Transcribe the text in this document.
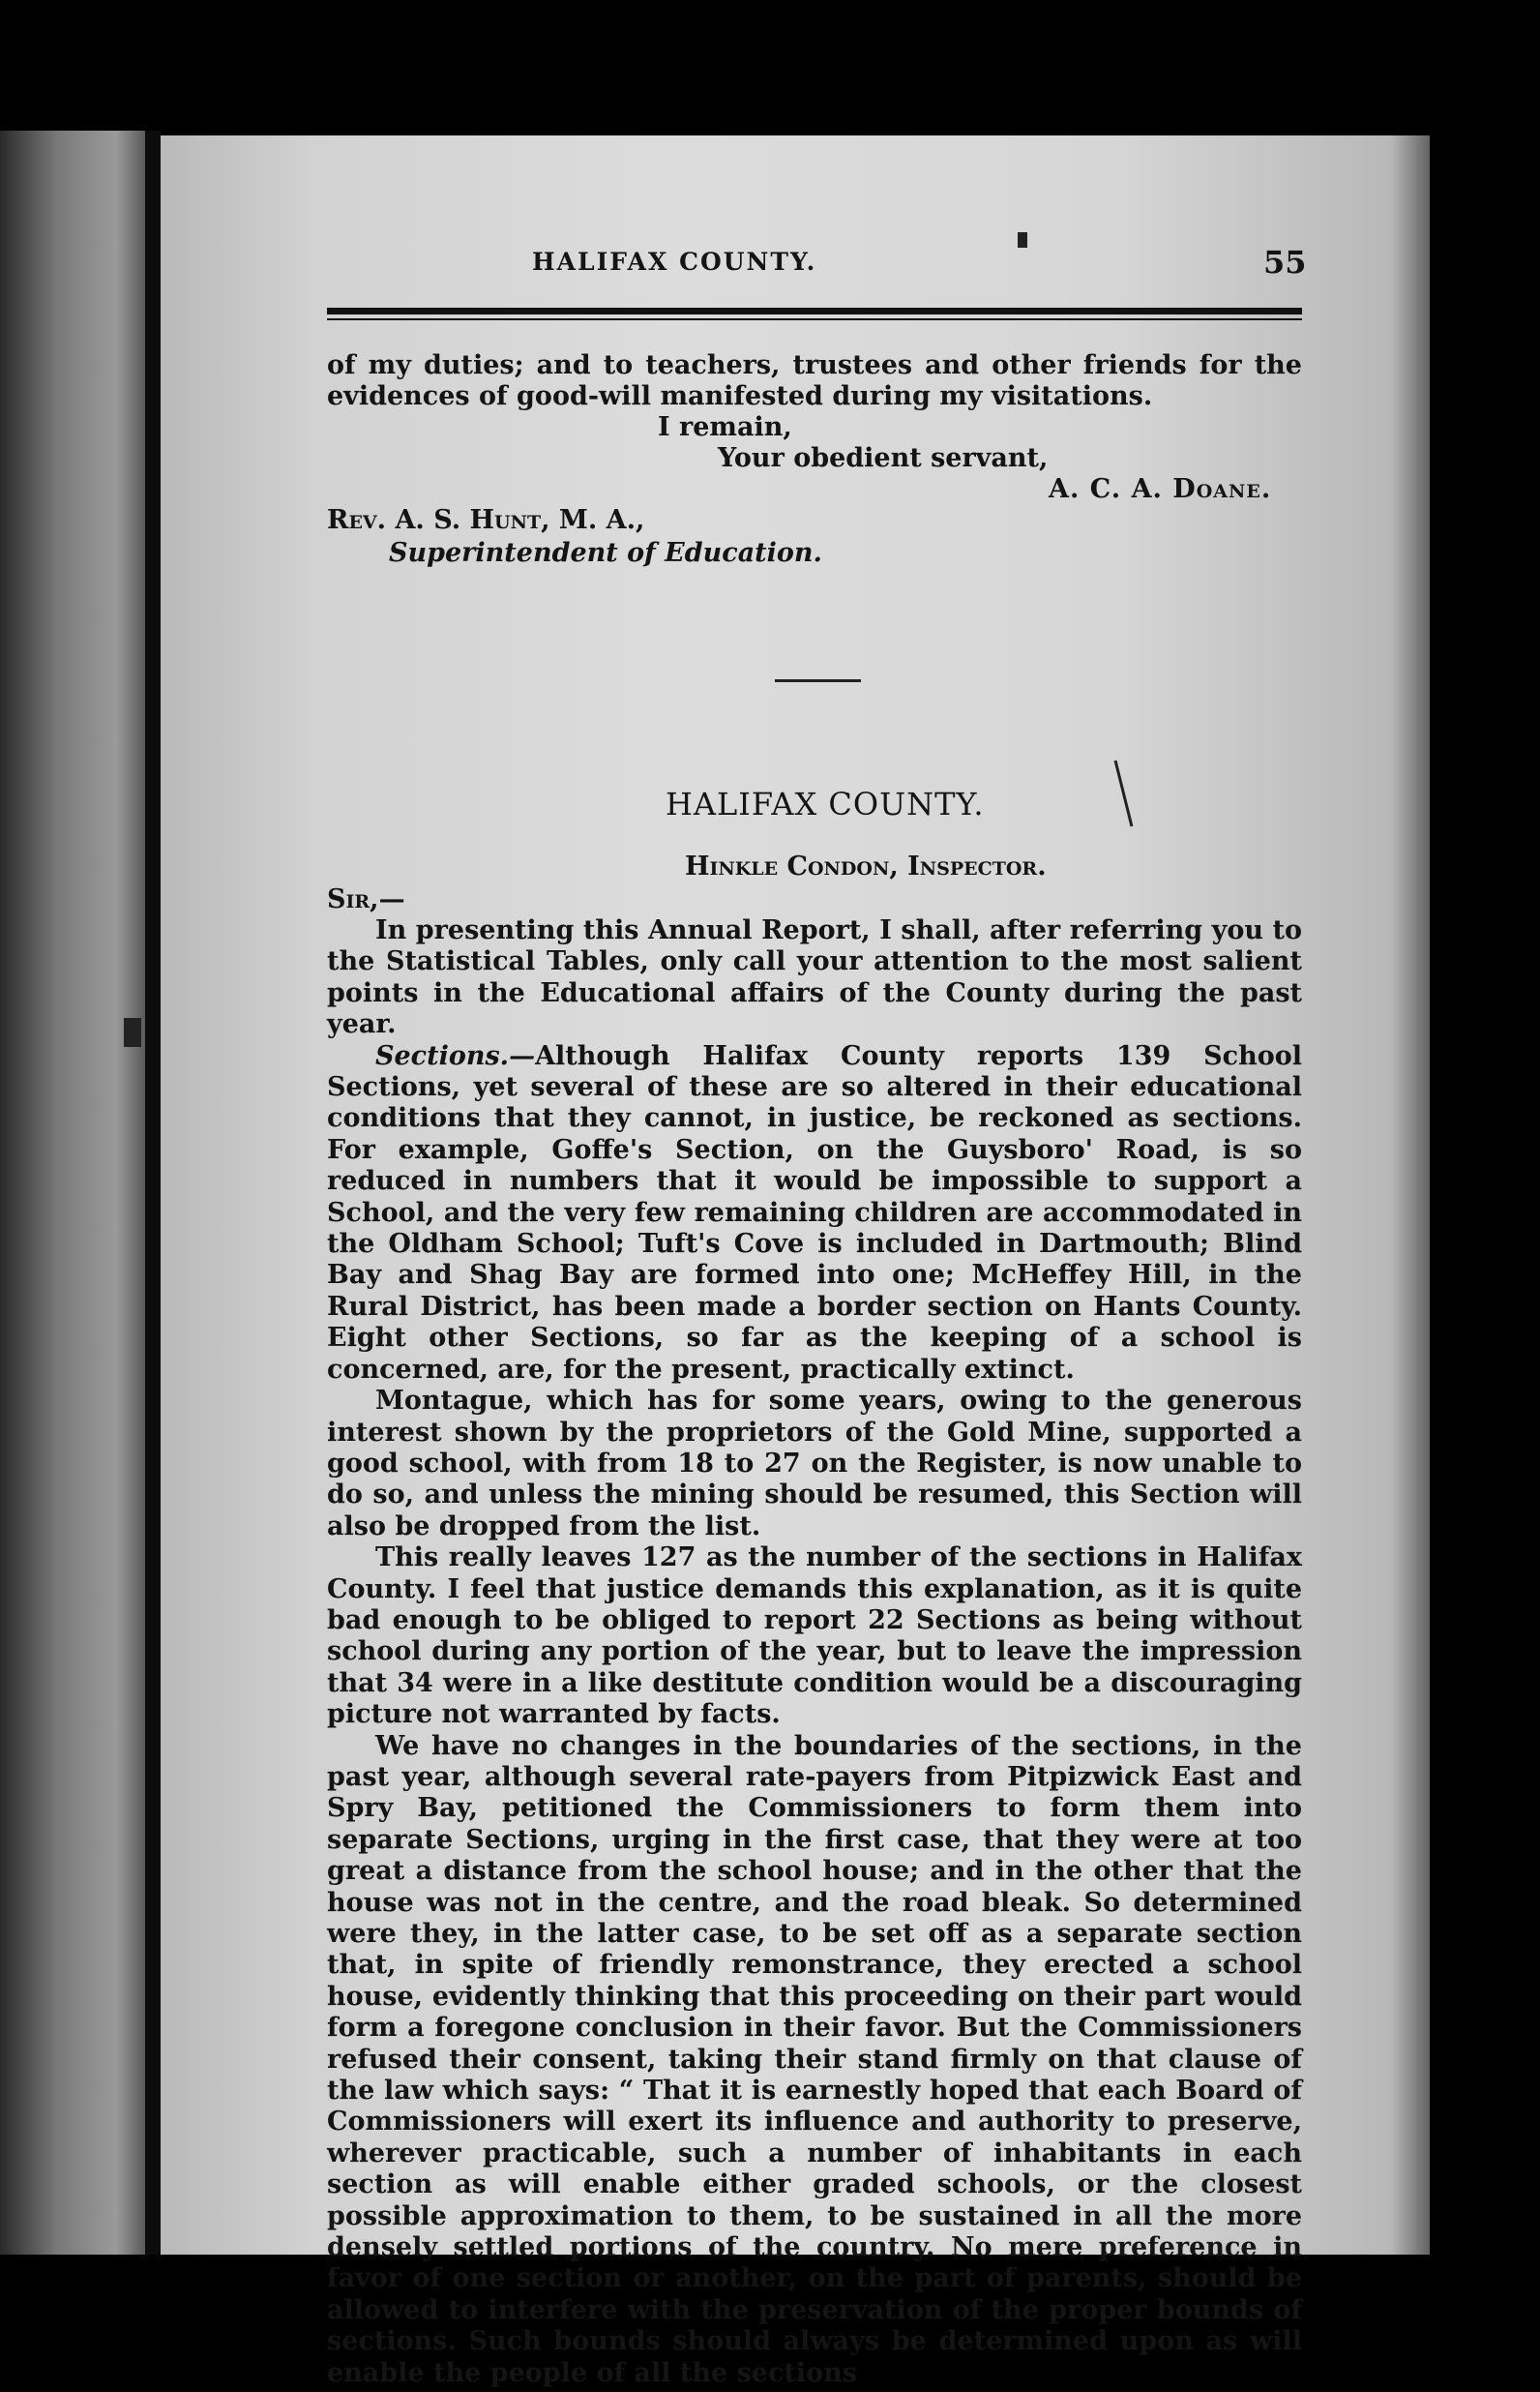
HALIFAX COUNTY.	55
of my duties; and to teachers, trustees and other friends for the evidences of good-will manifested during my visitations.
I remain,
Your obedient servant,
A. C. A. Doane.
Rev. A. S. Hunt, M. A.,
Superintendent of Education.
HALIFAX COUNTY.
Hinkle Condon, Inspector.
Sir,—

In presenting this Annual Report, I shall, after referring you to the Statistical Tables, only call your attention to the most salient points in the Educational affairs of the County during the past year.

Sections.—Although Halifax County reports 139 School Sections, yet several of these are so altered in their educational conditions that they cannot, in justice, be reckoned as sections. For example, Goffe's Section, on the Guysboro' Road, is so reduced in numbers that it would be impossible to support a School, and the very few remaining children are accommodated in the Oldham School; Tuft's Cove is included in Dartmouth; Blind Bay and Shag Bay are formed into one; McHeffey Hill, in the Rural District, has been made a border section on Hants County. Eight other Sections, so far as the keeping of a school is concerned, are, for the present, practically extinct.

Montague, which has for some years, owing to the generous interest shown by the proprietors of the Gold Mine, supported a good school, with from 18 to 27 on the Register, is now unable to do so, and unless the mining should be resumed, this Section will also be dropped from the list.

This really leaves 127 as the number of the sections in Halifax County. I feel that justice demands this explanation, as it is quite bad enough to be obliged to report 22 Sections as being without school during any portion of the year, but to leave the impression that 34 were in a like destitute condition would be a discouraging picture not warranted by facts.

We have no changes in the boundaries of the sections, in the past year, although several rate-payers from Pitpizwick East and Spry Bay, petitioned the Commissioners to form them into separate Sections, urging in the first case, that they were at too great a distance from the school house; and in the other that the house was not in the centre, and the road bleak. So determined were they, in the latter case, to be set off as a separate section that, in spite of friendly remonstrance, they erected a school house, evidently thinking that this proceeding on their part would form a foregone conclusion in their favor. But the Commissioners refused their consent, taking their stand firmly on that clause of the law which says: “ That it is earnestly hoped that each Board of Commissioners will exert its influence and authority to preserve, wherever practicable, such a number of inhabitants in each section as will enable either graded schools, or the closest possible approximation to them, to be sustained in all the more densely settled portions of the country. No mere preference in favor of one section or another, on the part of parents, should be allowed to interfere with the preservation of the proper bounds of sections. Such bounds should always be determined upon as will enable the people of all the sections
